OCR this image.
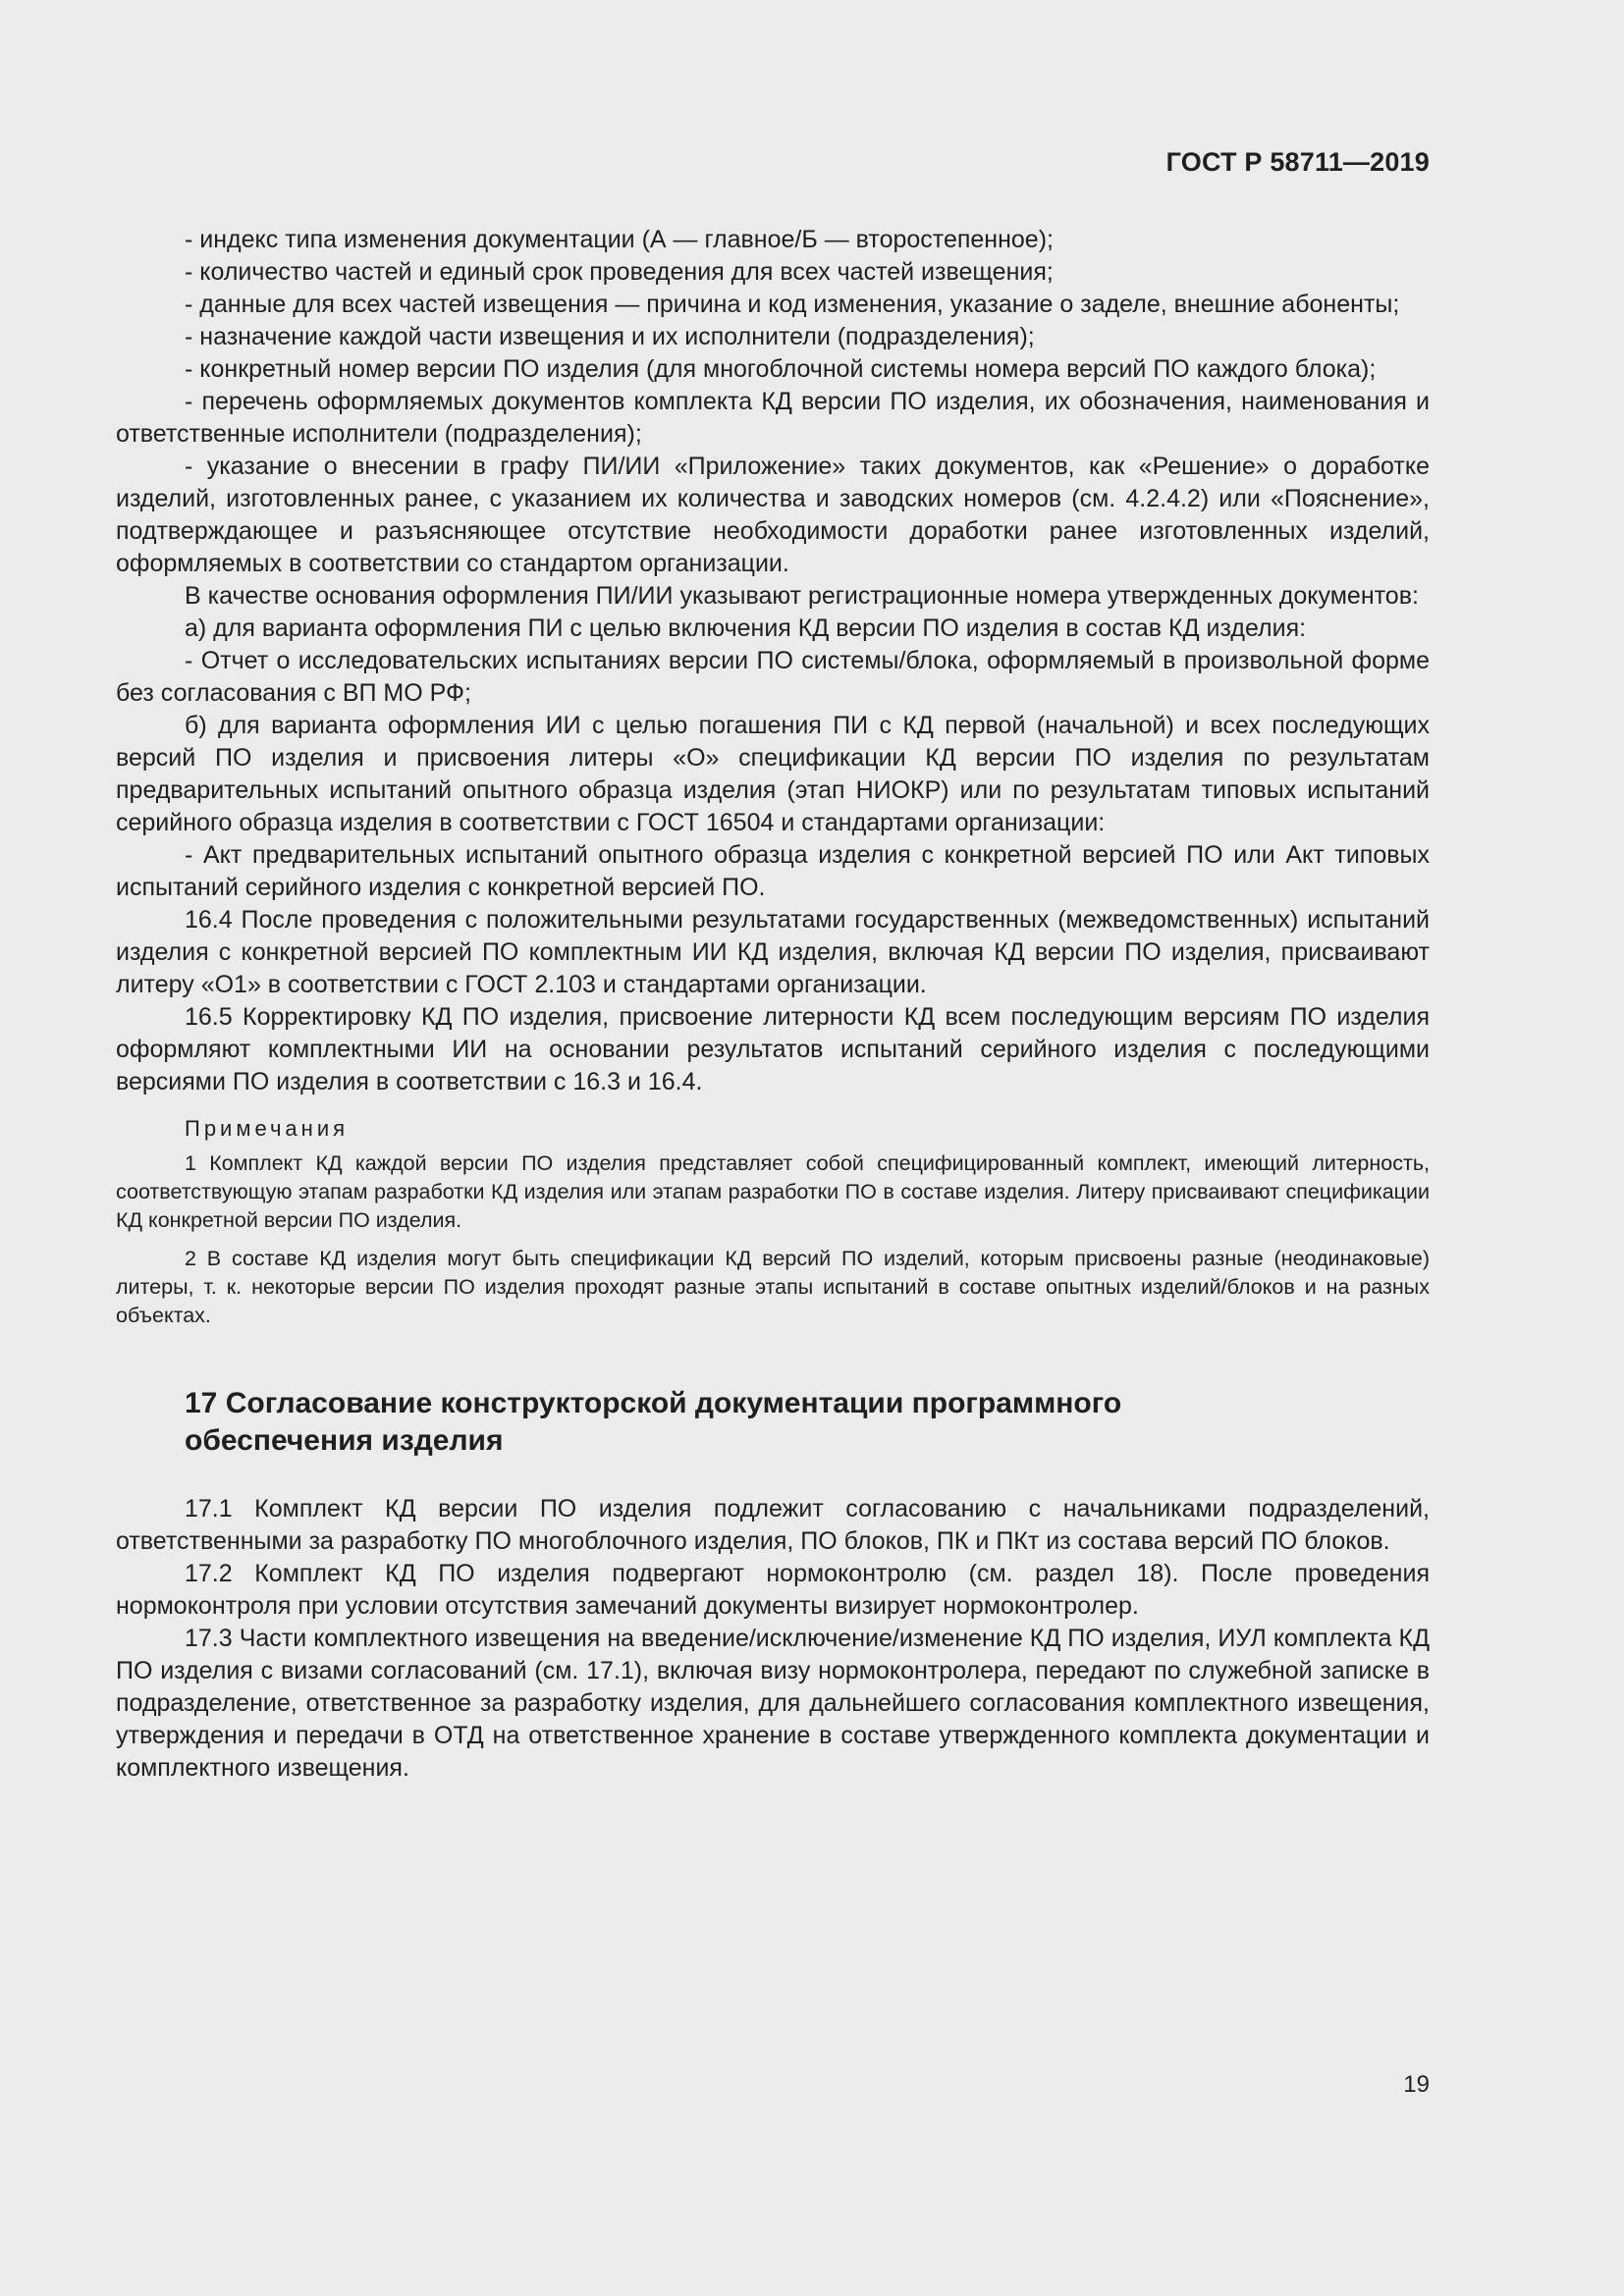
ГОСТ Р 58711—2019

- индекс типа изменения документации (А — главное/Б — второстепенное);

- количество частей и единый срок проведения для всех частей извещения;

- данные для всех частей извещения — причина и код изменения, указание о заделе, внешние абоненты;

- назначение каждой части извещения и их исполнители (подразделения);

- конкретный номер версии ПО изделия (для многоблочной системы номера версий ПО каждого блока);

- перечень оформляемых документов комплекта КД версии ПО изделия, их обозначения, наименования и ответственные исполнители (подразделения);

- указание о внесении в графу ПИ/ИИ «Приложение» таких документов, как «Решение» о доработке изделий, изготовленных ранее, с указанием их количества и заводских номеров (см. 4.2.4.2) или «Пояснение», подтверждающее и разъясняющее отсутствие необходимости доработки ранее изготовленных изделий, оформляемых в соответствии со стандартом организации.

В качестве основания оформления ПИ/ИИ указывают регистрационные номера утвержденных документов:

а) для варианта оформления ПИ с целью включения КД версии ПО изделия в состав КД изделия:

- Отчет о исследовательских испытаниях версии ПО системы/блока, оформляемый в произвольной форме без согласования с ВП МО РФ;

б) для варианта оформления ИИ с целью погашения ПИ с КД первой (начальной) и всех последующих версий ПО изделия и присвоения литеры «О» спецификации КД версии ПО изделия по результатам предварительных испытаний опытного образца изделия (этап НИОКР) или по результатам типовых испытаний серийного образца изделия в соответствии с ГОСТ 16504 и стандартами организации:

- Акт предварительных испытаний опытного образца изделия с конкретной версией ПО или Акт типовых испытаний серийного изделия с конкретной версией ПО.

16.4 После проведения с положительными результатами государственных (межведомственных) испытаний изделия с конкретной версией ПО комплектным ИИ КД изделия, включая КД версии ПО изделия, присваивают литеру «О1» в соответствии с ГОСТ 2.103 и стандартами организации.

16.5 Корректировку КД ПО изделия, присвоение литерности КД всем последующим версиям ПО изделия оформляют комплектными ИИ на основании результатов испытаний серийного изделия с последующими версиями ПО изделия в соответствии с 16.3 и 16.4.

Примечания

1 Комплект КД каждой версии ПО изделия представляет собой специфицированный комплект, имеющий литерность, соответствующую этапам разработки КД изделия или этапам разработки ПО в составе изделия. Литеру присваивают спецификации КД конкретной версии ПО изделия.

2 В составе КД изделия могут быть спецификации КД версий ПО изделий, которым присвоены разные (неодинаковые) литеры, т. к. некоторые версии ПО изделия проходят разные этапы испытаний в составе опытных изделий/блоков и на разных объектах.

17 Согласование конструкторской документации программного
обеспечения изделия

17.1 Комплект КД версии ПО изделия подлежит согласованию с начальниками подразделений, ответственными за разработку ПО многоблочного изделия, ПО блоков, ПК и ПКт из состава версий ПО блоков.

17.2 Комплект КД ПО изделия подвергают нормоконтролю (см. раздел 18). После проведения нормоконтроля при условии отсутствия замечаний документы визирует нормоконтролер.

17.3 Части комплектного извещения на введение/исключение/изменение КД ПО изделия, ИУЛ комплекта КД ПО изделия с визами согласований (см. 17.1), включая визу нормоконтролера, передают по служебной записке в подразделение, ответственное за разработку изделия, для дальнейшего согласования комплектного извещения, утверждения и передачи в ОТД на ответственное хранение в составе утвержденного комплекта документации и комплектного извещения.

19
